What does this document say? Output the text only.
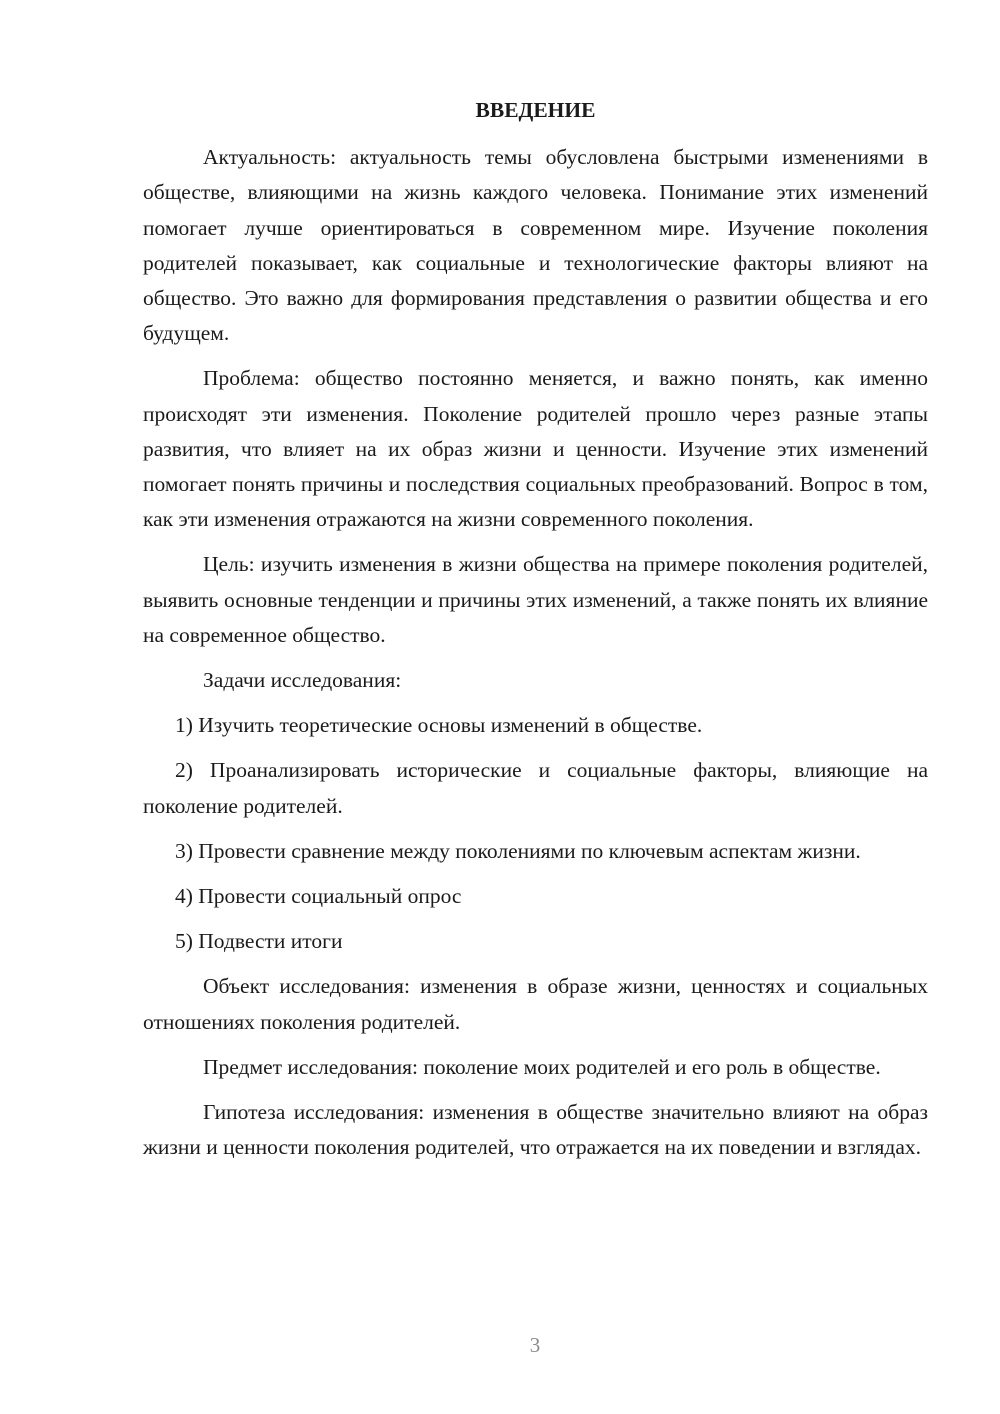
ВВЕДЕНИЕ

Актуальность: актуальность темы обусловлена быстрыми изменениями в обществе, влияющими на жизнь каждого человека. Понимание этих изменений помогает лучше ориентироваться в современном мире. Изучение поколения родителей показывает, как социальные и технологические факторы влияют на общество. Это важно для формирования представления о развитии общества и его будущем.

Проблема: общество постоянно меняется, и важно понять, как именно происходят эти изменения. Поколение родителей прошло через разные этапы развития, что влияет на их образ жизни и ценности. Изучение этих изменений помогает понять причины и последствия социальных преобразований. Вопрос в том, как эти изменения отражаются на жизни современного поколения.

Цель: изучить изменения в жизни общества на примере поколения родителей, выявить основные тенденции и причины этих изменений, а также понять их влияние на современное общество.

Задачи исследования:

1) Изучить теоретические основы изменений в обществе.

2) Проанализировать исторические и социальные факторы, влияющие на поколение родителей.

3) Провести сравнение между поколениями по ключевым аспектам жизни.

4) Провести социальный опрос

5) Подвести итоги

Объект исследования: изменения в образе жизни, ценностях и социальных отношениях поколения родителей.

Предмет исследования: поколение моих родителей и его роль в обществе.

Гипотеза исследования: изменения в обществе значительно влияют на образ жизни и ценности поколения родителей, что отражается на их поведении и взглядах.

3
